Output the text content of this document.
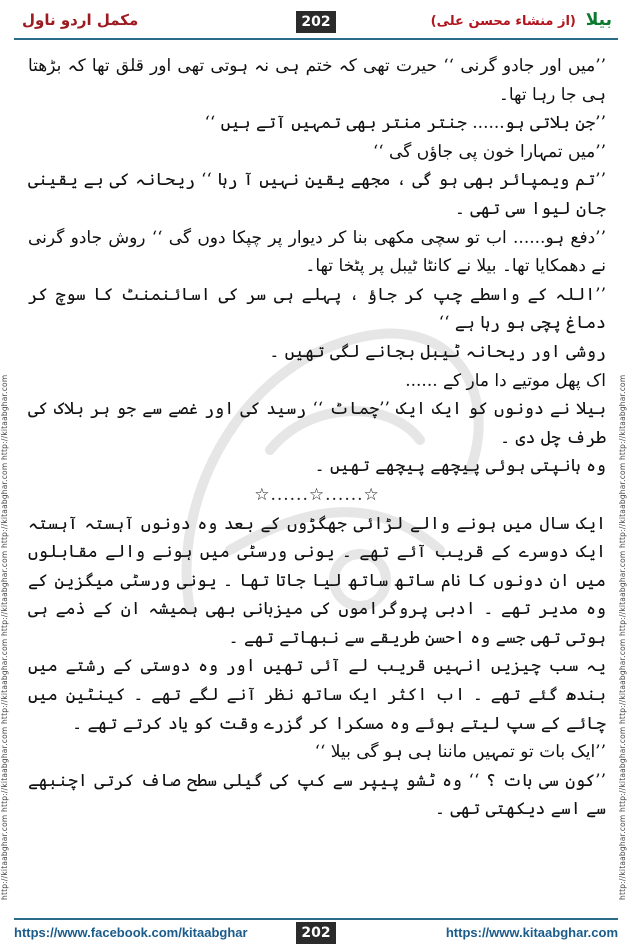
بیلا (از منشاء محسن علی)
202
مکمل اردو ناول
http://kitaabghar.com http://kitaabghar.com http://kitaabghar.com http://kitaabghar.com http://kitaabghar.com http://kitaabghar.com	http://kitaabghar.com http://kitaabghar.com http://kitaabghar.com http://kitaabghar.com http://kitaabghar.com http://kitaabghar.com

’’میں اور جادو گرنی ‘‘ حیرت تھی کہ ختم ہی نہ ہوتی تھی اور قلق تھا کہ بڑھتا ہی جا رہا تھا۔

’’جن بلاتی ہو...... جنتر منتر بھی تمہیں آتے ہیں ‘‘

’’میں تمہارا خون پی جاؤں گی ‘‘

’’تم ویمپائر بھی ہو گی ، مجھے یقین نہیں آ رہا ‘‘ ریحانہ کی بے یقینی جان لیوا سی تھی ۔

’’دفع ہو...... اب تو سچی مکھی بنا کر دیوار پر چپکا دوں گی ‘‘ روش جادو گرنی نے دھمکایا تھا۔ بیلا نے کانٹا ٹیبل پر پٹخا تھا۔

’’اللہ کے واسطے چپ کر جاؤ ، پہلے ہی سر کی اسائنمنٹ کا سوچ کر دماغ پچی ہو رہا ہے ‘‘

روشی اور ریحانہ ٹیبل بجانے لگی تھیں ۔

اک پھل موتیے دا مار کے ......

بیلا نے دونوں کو ایک ایک ’’چماٹ ‘‘ رسید کی اور غصے سے جو ہر بلاک کی طرف چل دی ۔

وہ ہانپتی ہوئی پیچھے پیچھے تھیں ۔

☆......☆......☆

ایک سال میں ہونے والے لڑائی جھگڑوں کے بعد وہ دونوں آہستہ آہستہ ایک دوسرے کے قریب آئے تھے ۔ یونی ورسٹی میں ہونے والے مقابلوں میں ان دونوں کا نام ساتھ ساتھ لیا جاتا تھا ۔ یونی ورسٹی میگزین کے وہ مدیر تھے ۔ ادبی پروگراموں کی میزبانی بھی ہمیشہ ان کے ذمے ہی ہوتی تھی جسے وہ احسن طریقے سے نبھاتے تھے ۔

یہ سب چیزیں انہیں قریب لے آئی تھیں اور وہ دوستی کے رشتے میں بندھ گئے تھے ۔ اب اکثر ایک ساتھ نظر آنے لگے تھے ۔ کینٹین میں چائے کے سپ لیتے ہوئے وہ مسکرا کر گزرے وقت کو یاد کرتے تھے ۔

’’ایک بات تو تمہیں ماننا ہی ہو گی بیلا ‘‘

’’کون سی بات ؟ ‘‘ وہ ٹشو پیپر سے کپ کی گیلی سطح صاف کرتی اچنبھے سے اسے دیکھتی تھی ۔

https://www.facebook.com/kitaabghar	202	https://www.kitaabghar.com
